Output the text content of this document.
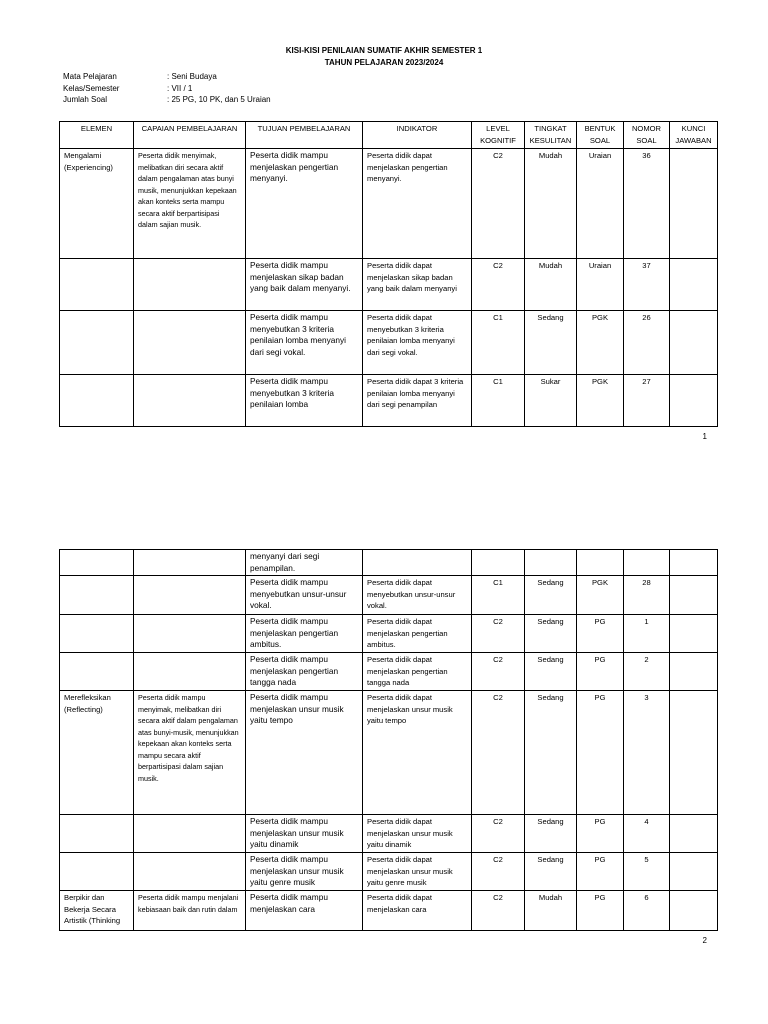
KISI-KISI PENILAIAN SUMATIF AKHIR SEMESTER 1
TAHUN PELAJARAN 2023/2024
Mata Pelajaran	: Seni Budaya
Kelas/Semester	: VII / 1
Jumlah Soal	: 25 PG, 10 PK, dan 5 Uraian
ELEMEN	CAPAIAN PEMBELAJARAN	TUJUAN PEMBELAJARAN	INDIKATOR	LEVEL KOGNITIF	TINGKAT KESULITAN	BENTUK SOAL	NOMOR SOAL	KUNCI JAWABAN
Mengalami (Experiencing)	Peserta didik menyimak, melibatkan diri secara aktif dalam pengalaman atas bunyi musik, menunjukkan kepekaan akan konteks serta mampu secara aktif berpartisipasi dalam sajian musik.	Peserta didik mampu menjelaskan pengertian menyanyi.	Peserta didik dapat menjelaskan pengertian menyanyi.	C2	Mudah	Uraian	36	
		Peserta didik mampu menjelaskan sikap badan yang baik dalam menyanyi.	Peserta didik dapat menjelaskan sikap badan yang baik dalam menyanyi	C2	Mudah	Uraian	37	
		Peserta didik mampu menyebutkan 3 kriteria penilaian lomba menyanyi dari segi vokal.	Peserta didik dapat menyebutkan 3 kriteria penilaian lomba menyanyi dari segi vokal.	C1	Sedang	PGK	26	
		Peserta didik mampu menyebutkan 3 kriteria penilaian lomba	Peserta didik dapat 3 kriteria penilaian lomba menyanyi dari segi penampilan	C1	Sukar	PGK	27	
1
		menyanyi dari segi penampilan.						
		Peserta didik mampu menyebutkan unsur-unsur vokal.	Peserta didik dapat menyebutkan unsur-unsur vokal.	C1	Sedang	PGK	28	
		Peserta didik mampu menjelaskan pengertian ambitus.	Peserta didik dapat menjelaskan pengertian ambitus.	C2	Sedang	PG	1	
		Peserta didik mampu menjelaskan pengertian tangga nada	Peserta didik dapat menjelaskan pengertian tangga nada	C2	Sedang	PG	2	
Merefleksikan (Reflecting)	Peserta didik mampu menyimak, melibatkan diri secara aktif dalam pengalaman atas bunyi-musik, menunjukkan kepekaan akan konteks serta mampu secara aktif berpartisipasi dalam sajian musik.	Peserta didik mampu menjelaskan unsur musik yaitu tempo	Peserta didik dapat menjelaskan unsur musik yaitu tempo	C2	Sedang	PG	3	
		Peserta didik mampu menjelaskan unsur musik yaitu dinamik	Peserta didik dapat menjelaskan unsur musik yaitu dinamik	C2	Sedang	PG	4	
		Peserta didik mampu menjelaskan unsur musik yaitu genre musik	Peserta didik dapat menjelaskan unsur musik yaitu genre musik	C2	Sedang	PG	5	
Berpikir dan Bekerja Secara Artistik (Thinking	Peserta didik mampu menjalani kebiasaan baik dan rutin dalam	Peserta didik mampu menjelaskan cara	Peserta didik dapat menjelaskan cara	C2	Mudah	PG	6	
2
